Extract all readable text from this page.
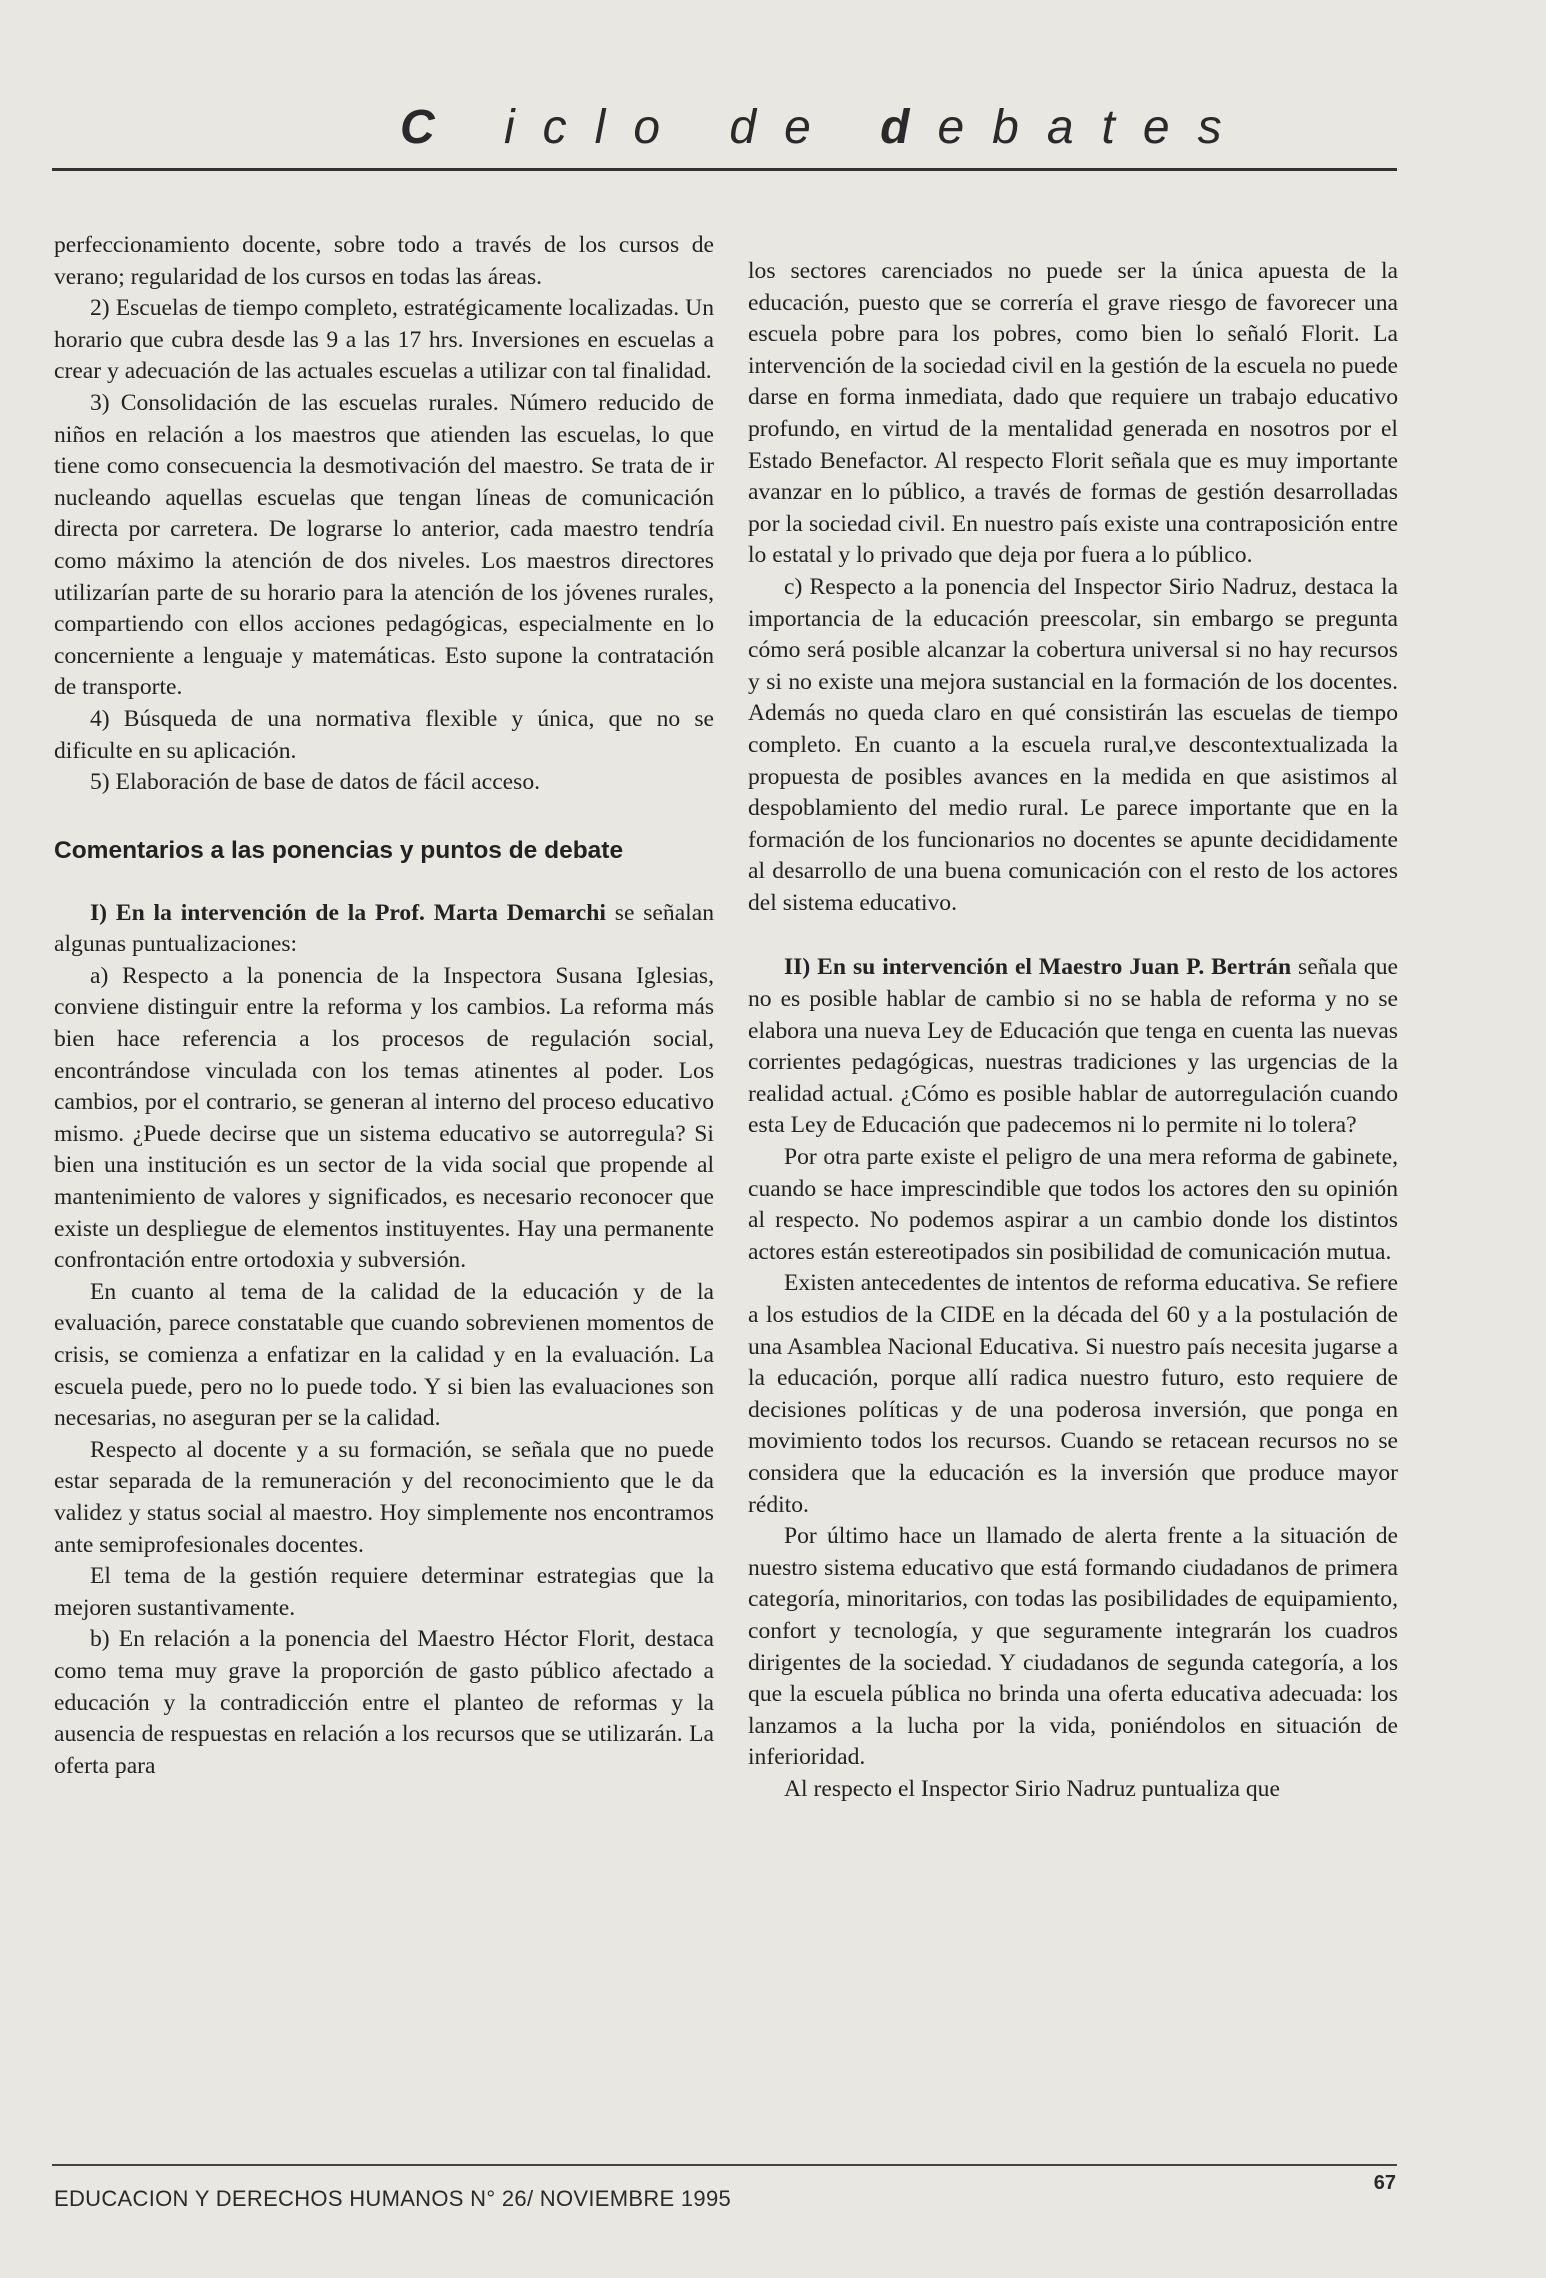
C iclo de debates

perfeccionamiento docente, sobre todo a través de los cursos de verano; regularidad de los cursos en todas las áreas.

2) Escuelas de tiempo completo, estratégicamente localizadas. Un horario que cubra desde las 9 a las 17 hrs. Inversiones en escuelas a crear y adecuación de las actuales escuelas a utilizar con tal finalidad.

3) Consolidación de las escuelas rurales. Número reducido de niños en relación a los maestros que atienden las escuelas, lo que tiene como consecuencia la desmotivación del maestro. Se trata de ir nucleando aquellas escuelas que tengan líneas de comunicación directa por carretera. De lograrse lo anterior, cada maestro tendría como máximo la atención de dos niveles. Los maestros directores utilizarían parte de su horario para la atención de los jóvenes rurales, compartiendo con ellos acciones pedagógicas, especialmente en lo concerniente a lenguaje y matemáticas. Esto supone la contratación de transporte.

4) Búsqueda de una normativa flexible y única, que no se dificulte en su aplicación.

5) Elaboración de base de datos de fácil acceso.

Comentarios a las ponencias y puntos de debate

I) En la intervención de la Prof. Marta Demarchi se señalan algunas puntualizaciones:

a) Respecto a la ponencia de la Inspectora Susana Iglesias, conviene distinguir entre la reforma y los cambios. La reforma más bien hace referencia a los procesos de regulación social, encontrándose vinculada con los temas atinentes al poder. Los cambios, por el contrario, se generan al interno del proceso educativo mismo. ¿Puede decirse que un sistema educativo se autorregula? Si bien una institución es un sector de la vida social que propende al mantenimiento de valores y significados, es necesario reconocer que existe un despliegue de elementos instituyentes. Hay una permanente confrontación entre ortodoxia y subversión.

En cuanto al tema de la calidad de la educación y de la evaluación, parece constatable que cuando sobrevienen momentos de crisis, se comienza a enfatizar en la calidad y en la evaluación. La escuela puede, pero no lo puede todo. Y si bien las evaluaciones son necesarias, no aseguran per se la calidad.

Respecto al docente y a su formación, se señala que no puede estar separada de la remuneración y del reconocimiento que le da validez y status social al maestro. Hoy simplemente nos encontramos ante semiprofesionales docentes.

El tema de la gestión requiere determinar estrategias que la mejoren sustantivamente.

b) En relación a la ponencia del Maestro Héctor Florit, destaca como tema muy grave la proporción de gasto público afectado a educación y la contradicción entre el planteo de reformas y la ausencia de respuestas en relación a los recursos que se utilizarán. La oferta para

los sectores carenciados no puede ser la única apuesta de la educación, puesto que se correría el grave riesgo de favorecer una escuela pobre para los pobres, como bien lo señaló Florit. La intervención de la sociedad civil en la gestión de la escuela no puede darse en forma inmediata, dado que requiere un trabajo educativo profundo, en virtud de la mentalidad generada en nosotros por el Estado Benefactor. Al respecto Florit señala que es muy importante avanzar en lo público, a través de formas de gestión desarrolladas por la sociedad civil. En nuestro país existe una contraposición entre lo estatal y lo privado que deja por fuera a lo público.

c) Respecto a la ponencia del Inspector Sirio Nadruz, destaca la importancia de la educación preescolar, sin embargo se pregunta cómo será posible alcanzar la cobertura universal si no hay recursos y si no existe una mejora sustancial en la formación de los docentes. Además no queda claro en qué consistirán las escuelas de tiempo completo. En cuanto a la escuela rural,ve descontextualizada la propuesta de posibles avances en la medida en que asistimos al despoblamiento del medio rural. Le parece importante que en la formación de los funcionarios no docentes se apunte decididamente al desarrollo de una buena comunicación con el resto de los actores del sistema educativo.

II) En su intervención el Maestro Juan P. Bertrán señala que no es posible hablar de cambio si no se habla de reforma y no se elabora una nueva Ley de Educación que tenga en cuenta las nuevas corrientes pedagógicas, nuestras tradiciones y las urgencias de la realidad actual. ¿Cómo es posible hablar de autorregulación cuando esta Ley de Educación que padecemos ni lo permite ni lo tolera?

Por otra parte existe el peligro de una mera reforma de gabinete, cuando se hace imprescindible que todos los actores den su opinión al respecto. No podemos aspirar a un cambio donde los distintos actores están estereotipados sin posibilidad de comunicación mutua.

Existen antecedentes de intentos de reforma educativa. Se refiere a los estudios de la CIDE en la década del 60 y a la postulación de una Asamblea Nacional Educativa. Si nuestro país necesita jugarse a la educación, porque allí radica nuestro futuro, esto requiere de decisiones políticas y de una poderosa inversión, que ponga en movimiento todos los recursos. Cuando se retacean recursos no se considera que la educación es la inversión que produce mayor rédito.

Por último hace un llamado de alerta frente a la situación de nuestro sistema educativo que está formando ciudadanos de primera categoría, minoritarios, con todas las posibilidades de equipamiento, confort y tecnología, y que seguramente integrarán los cuadros dirigentes de la sociedad. Y ciudadanos de segunda categoría, a los que la escuela pública no brinda una oferta educativa adecuada: los lanzamos a la lucha por la vida, poniéndolos en situación de inferioridad.

Al respecto el Inspector Sirio Nadruz puntualiza que

EDUCACION Y DERECHOS HUMANOS N° 26/ NOVIEMBRE 1995
67
